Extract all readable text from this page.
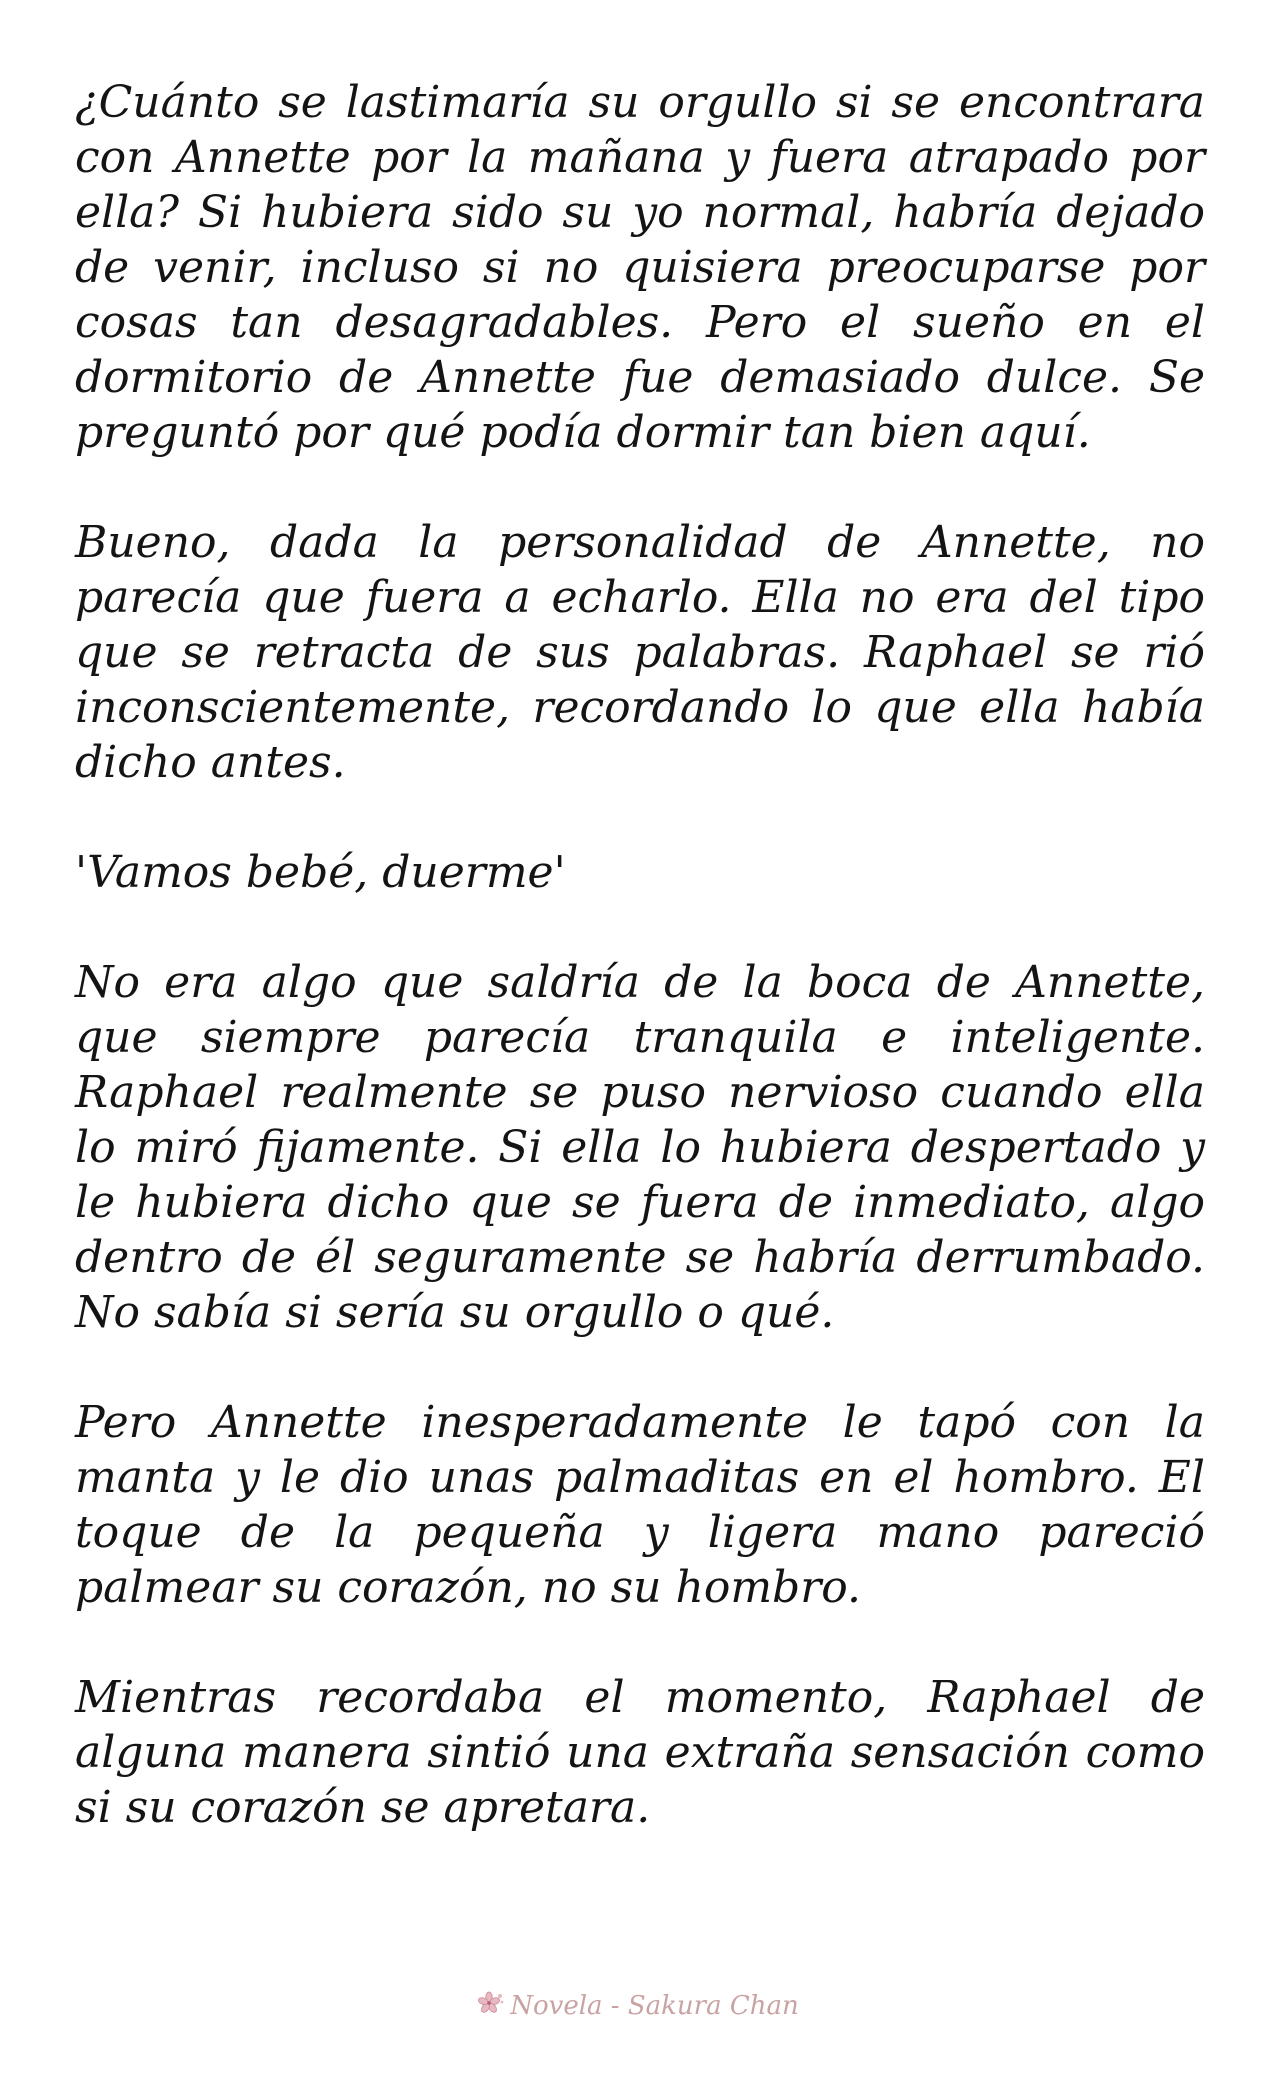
¿Cuánto se lastimaría su orgullo si se encontrara con Annette por la mañana y fuera atrapado por ella? Si hubiera sido su yo normal, habría dejado de venir, incluso si no quisiera preocuparse por cosas tan desagradables. Pero el sueño en el dormitorio de Annette fue demasiado dulce. Se preguntó por qué podía dormir tan bien aquí.

Bueno, dada la personalidad de Annette, no parecía que fuera a echarlo. Ella no era del tipo que se retracta de sus palabras. Raphael se rió inconscientemente, recordando lo que ella había dicho antes.

'Vamos bebé, duerme'

No era algo que saldría de la boca de Annette, que siempre parecía tranquila e inteligente. Raphael realmente se puso nervioso cuando ella lo miró fijamente. Si ella lo hubiera despertado y le hubiera dicho que se fuera de inmediato, algo dentro de él seguramente se habría derrumbado. No sabía si sería su orgullo o qué.

Pero Annette inesperadamente le tapó con la manta y le dio unas palmaditas en el hombro. El toque de la pequeña y ligera mano pareció palmear su corazón, no su hombro.

Mientras recordaba el momento, Raphael de alguna manera sintió una extraña sensación como si su corazón se apretara.

Novela - Sakura Chan
